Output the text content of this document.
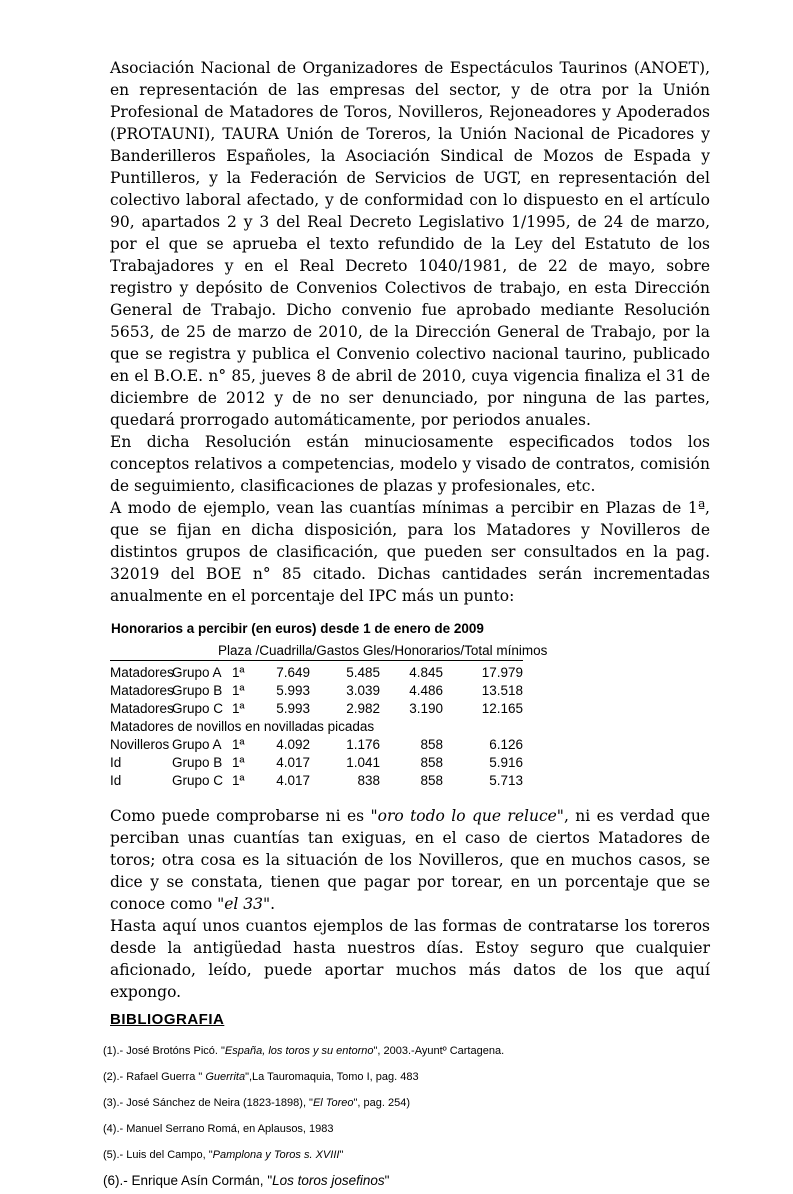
Asociación Nacional de Organizadores de Espectáculos Taurinos (ANOET), en representación de las empresas del sector, y de otra por la Unión Profesional de Matadores de Toros, Novilleros, Rejoneadores y Apoderados (PROTAUNI), TAURA Unión de Toreros, la Unión Nacional de Picadores y Banderilleros Españoles, la Asociación Sindical de Mozos de Espada y Puntilleros, y la Federación de Servicios de UGT, en representación del colectivo laboral afectado, y de conformidad con lo dispuesto en el artículo 90, apartados 2 y 3 del Real Decreto Legislativo 1/1995, de 24 de marzo, por el que se aprueba el texto refundido de la Ley del Estatuto de los Trabajadores y en el Real Decreto 1040/1981, de 22 de mayo, sobre registro y depósito de Convenios Colectivos de trabajo, en esta Dirección General de Trabajo. Dicho convenio fue aprobado mediante Resolución 5653, de 25 de marzo de 2010, de la Dirección General de Trabajo, por la que se registra y publica el Convenio colectivo nacional taurino, publicado en el B.O.E. n° 85, jueves 8 de abril de 2010, cuya vigencia finaliza el 31 de diciembre de 2012 y de no ser denunciado, por ninguna de las partes, quedará prorrogado automáticamente, por periodos anuales.

En dicha Resolución están minuciosamente especificados todos los conceptos relativos a competencias, modelo y visado de contratos, comisión de seguimiento, clasificaciones de plazas y profesionales, etc.

A modo de ejemplo, vean las cuantías mínimas a percibir en Plazas de 1ª, que se fijan en dicha disposición, para los Matadores y Novilleros de distintos grupos de clasificación, que pueden ser consultados en la pag. 32019 del BOE n° 85 citado. Dichas cantidades serán incrementadas anualmente en el porcentaje del IPC más un punto:

Honorarios a percibir (en euros) desde 1 de enero de 2009
Plaza /Cuadrilla/Gastos Gles/Honorarios/Total mínimos
Matadores	Grupo A	1ª	7.649	5.485	4.845	17.979
Matadores	Grupo B	1ª	5.993	3.039	4.486	13.518
Matadores	Grupo C	1ª	5.993	2.982	3.190	12.165
Matadores de novillos en novilladas picadas						
Novilleros	Grupo A	1ª	4.092	1.176	858	6.126
Id	Grupo B	1ª	4.017	1.041	858	5.916
Id	Grupo C	1ª	4.017	838	858	5.713

Como puede comprobarse ni es "oro todo lo que reluce", ni es verdad que perciban unas cuantías tan exiguas, en el caso de ciertos Matadores de toros; otra cosa es la situación de los Novilleros, que en muchos casos, se dice y se constata, tienen que pagar por torear, en un porcentaje que se conoce como "el 33".

Hasta aquí unos cuantos ejemplos de las formas de contratarse los toreros desde la antigüedad hasta nuestros días. Estoy seguro que cualquier aficionado, leído, puede aportar muchos más datos de los que aquí expongo.

BIBLIOGRAFIA
(1).- José Brotóns Picó. "España, los toros y su entorno", 2003.-Ayuntº Cartagena.
(2).- Rafael Guerra " Guerrita",La Tauromaquia, Tomo I, pag. 483
(3).- José Sánchez de Neira (1823-1898), "El Toreo", pag. 254)
(4).- Manuel Serrano Romá, en Aplausos, 1983
(5).- Luis del Campo, "Pamplona y Toros s. XVIII"
(6).- Enrique Asín Cormán, "Los toros josefinos"
